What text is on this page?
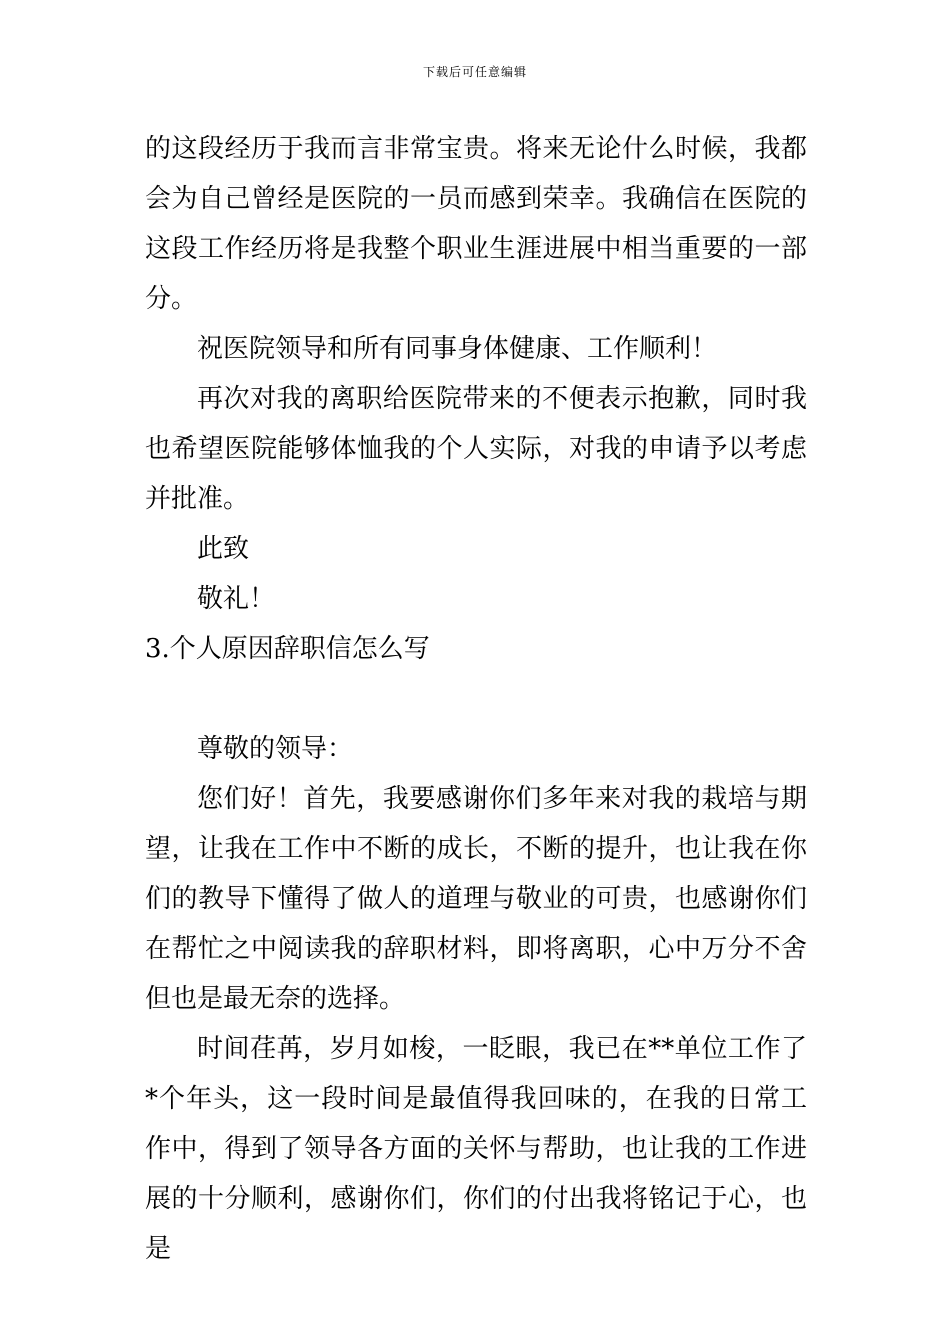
下载后可任意编辑

的这段经历于我而言非常宝贵。将来无论什么时候，我都会为自己曾经是医院的一员而感到荣幸。我确信在医院的这段工作经历将是我整个职业生涯进展中相当重要的一部分。

祝医院领导和所有同事身体健康、工作顺利！

再次对我的离职给医院带来的不便表示抱歉，同时我也希望医院能够体恤我的个人实际，对我的申请予以考虑并批准。

此致

敬礼！

3.个人原因辞职信怎么写

尊敬的领导：

您们好！首先，我要感谢你们多年来对我的栽培与期望，让我在工作中不断的成长，不断的提升，也让我在你们的教导下懂得了做人的道理与敬业的可贵，也感谢你们在帮忙之中阅读我的辞职材料，即将离职，心中万分不舍但也是最无奈的选择。

时间荏苒，岁月如梭，一眨眼，我已在**单位工作了*个年头，这一段时间是最值得我回味的，在我的日常工作中，得到了领导各方面的关怀与帮助，也让我的工作进展的十分顺利，感谢你们，你们的付出我将铭记于心，也是
